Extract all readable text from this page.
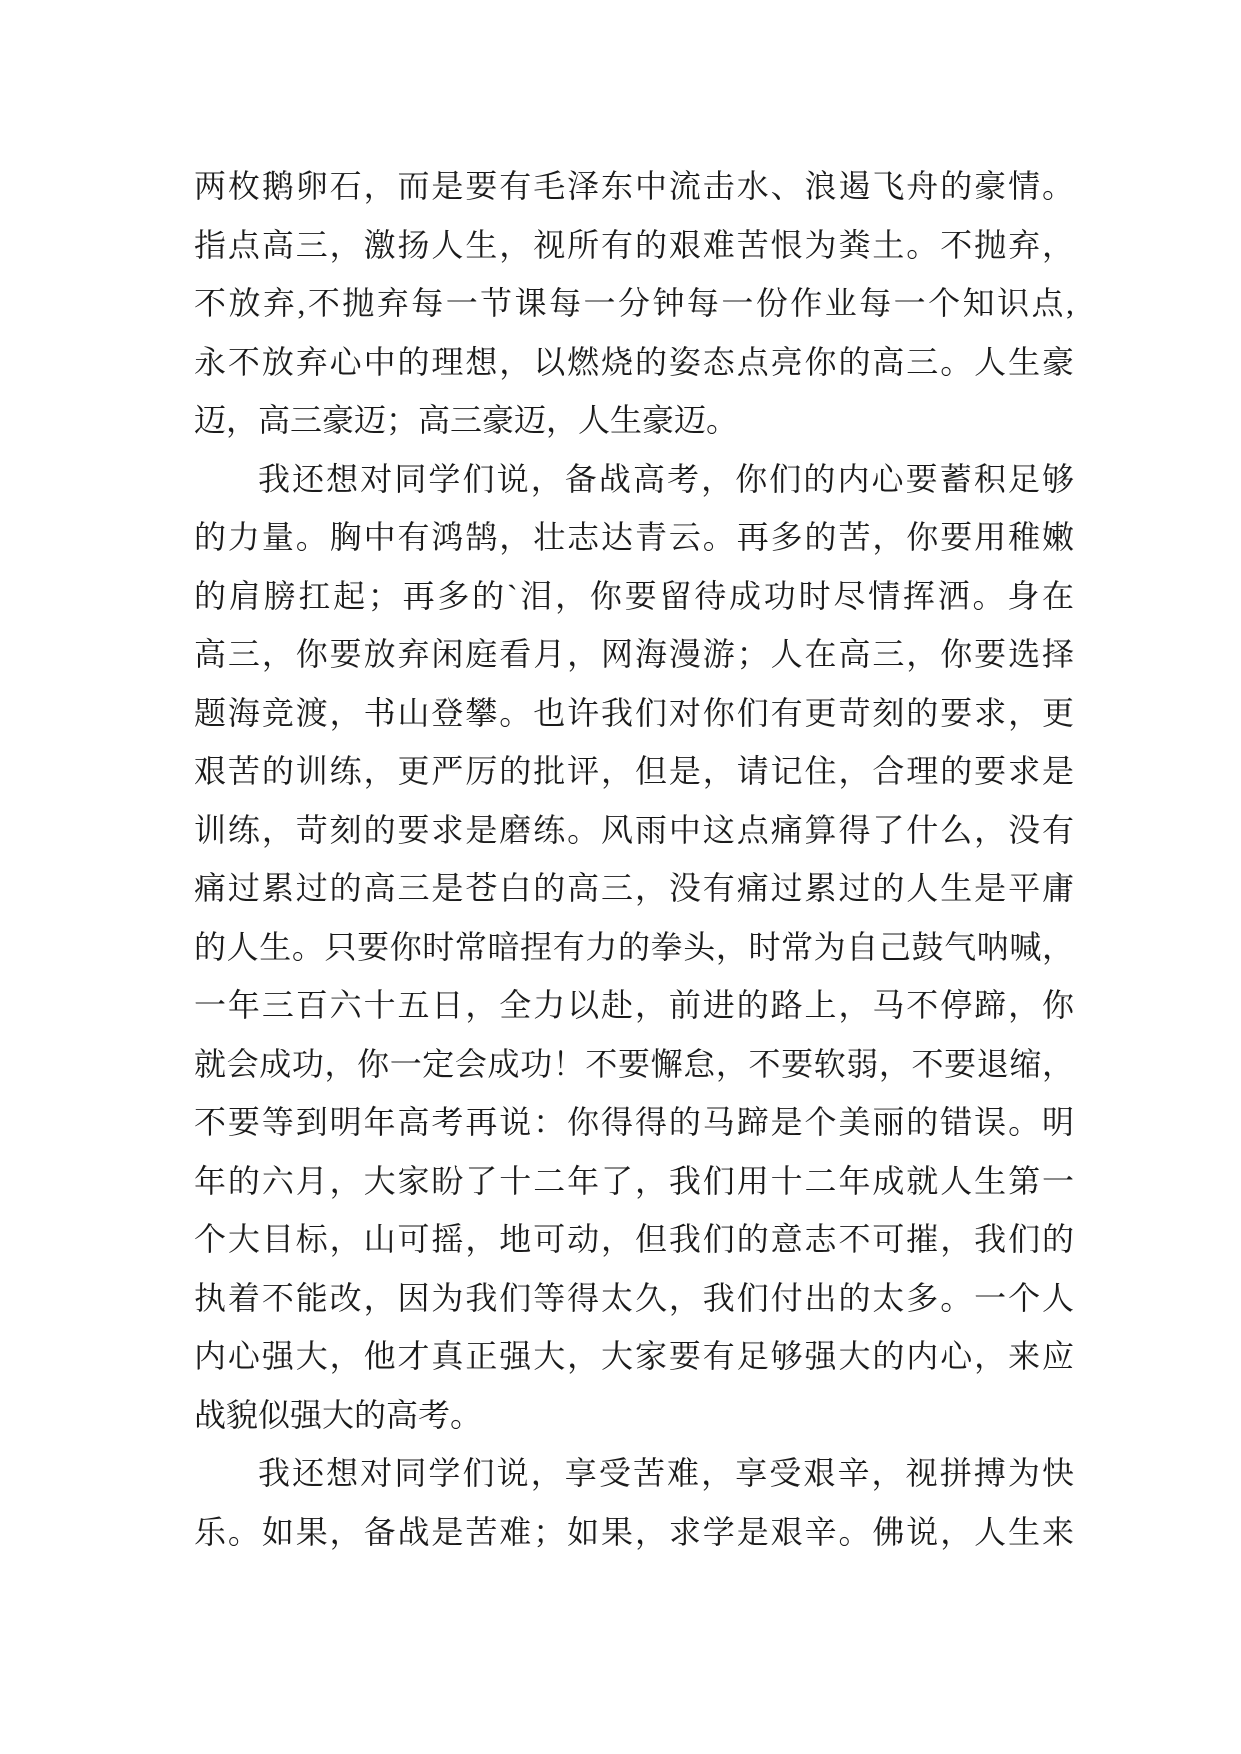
两枚鹅卵石，而是要有毛泽东中流击水、浪遏飞舟的豪情。
指点高三，激扬人生，视所有的艰难苦恨为粪土。不抛弃，
不放弃,不抛弃每一节课每一分钟每一份作业每一个知识点,
永不放弃心中的理想，以燃烧的姿态点亮你的高三。人生豪
迈，高三豪迈；高三豪迈，人生豪迈。
我还想对同学们说，备战高考，你们的内心要蓄积足够
的力量。胸中有鸿鹄，壮志达青云。再多的苦，你要用稚嫩
的肩膀扛起；再多的`泪，你要留待成功时尽情挥洒。身在
高三，你要放弃闲庭看月，网海漫游；人在高三，你要选择
题海竞渡，书山登攀。也许我们对你们有更苛刻的要求，更
艰苦的训练，更严厉的批评，但是，请记住，合理的要求是
训练，苛刻的要求是磨练。风雨中这点痛算得了什么，没有
痛过累过的高三是苍白的高三，没有痛过累过的人生是平庸
的人生。只要你时常暗捏有力的拳头，时常为自己鼓气呐喊，
一年三百六十五日，全力以赴，前进的路上，马不停蹄，你
就会成功，你一定会成功！不要懈怠，不要软弱，不要退缩，
不要等到明年高考再说：你得得的马蹄是个美丽的错误。明
年的六月，大家盼了十二年了，我们用十二年成就人生第一
个大目标，山可摇，地可动，但我们的意志不可摧，我们的
执着不能改，因为我们等得太久，我们付出的太多。一个人
内心强大，他才真正强大，大家要有足够强大的内心，来应
战貌似强大的高考。
我还想对同学们说，享受苦难，享受艰辛，视拼搏为快
乐。如果，备战是苦难；如果，求学是艰辛。佛说，人生来
